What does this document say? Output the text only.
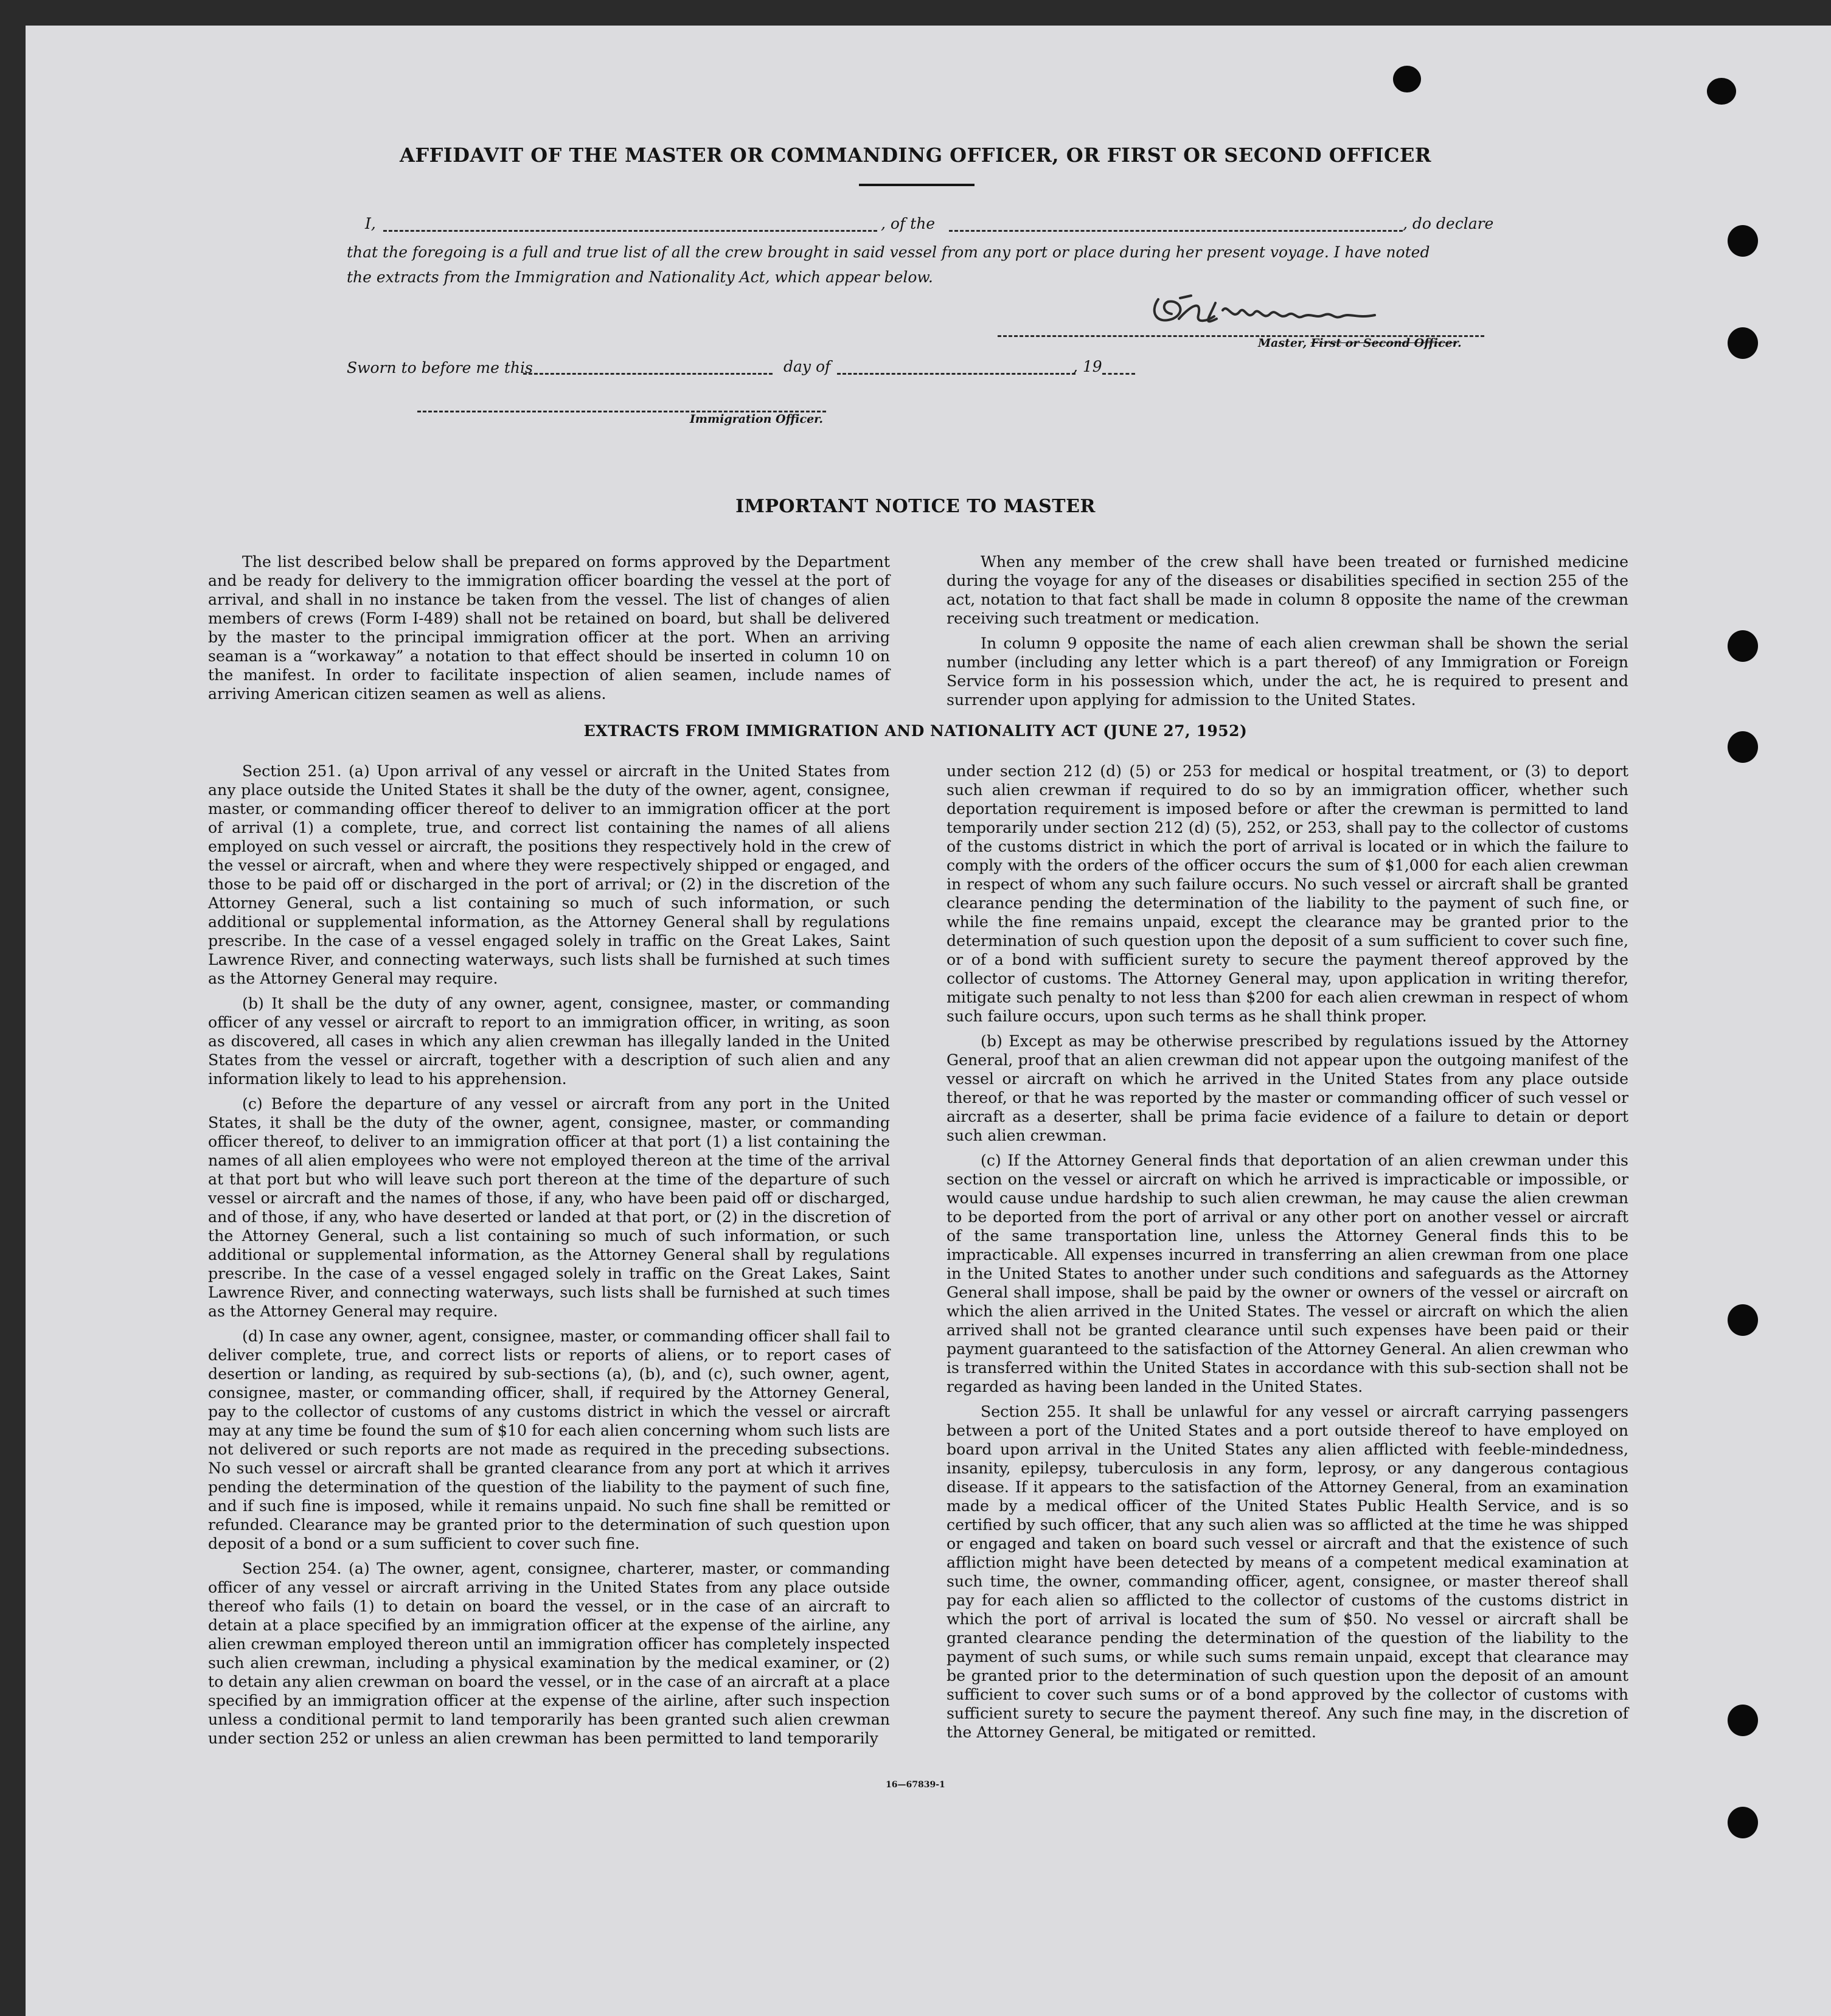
AFFIDAVIT OF THE MASTER OR COMMANDING OFFICER, OR FIRST OR SECOND OFFICER
I,	, of the	, do declare
that the foregoing is a full and true list of all the crew brought in said vessel from any port or place during her present voyage. I have noted
the extracts from the Immigration and Nationality Act, which appear below.
Master, First or Second Officer.
Sworn to before me this	day of	, 19
Immigration Officer.
IMPORTANT NOTICE TO MASTER

The list described below shall be prepared on forms approved by the Department and be ready for delivery to the immigration officer boarding the vessel at the port of arrival, and shall in no instance be taken from the vessel. The list of changes of alien members of crews (Form I-489) shall not be retained on board, but shall be delivered by the master to the principal immigration officer at the port. When an arriving seaman is a “workaway” a notation to that effect should be inserted in column 10 on the manifest. In order to facilitate inspection of alien seamen, include names of arriving American citizen seamen as well as aliens.

When any member of the crew shall have been treated or furnished medicine during the voyage for any of the diseases or disabilities specified in section 255 of the act, notation to that fact shall be made in column 8 opposite the name of the crewman receiving such treatment or medication.

In column 9 opposite the name of each alien crewman shall be shown the serial number (including any letter which is a part thereof) of any Immigration or Foreign Service form in his possession which, under the act, he is required to present and surrender upon applying for admission to the United States.

EXTRACTS FROM IMMIGRATION AND NATIONALITY ACT (JUNE 27, 1952)

Section 251. (a) Upon arrival of any vessel or aircraft in the United States from any place outside the United States it shall be the duty of the owner, agent, consignee, master, or commanding officer thereof to deliver to an immigration officer at the port of arrival (1) a complete, true, and correct list containing the names of all aliens employed on such vessel or aircraft, the positions they respectively hold in the crew of the vessel or aircraft, when and where they were respectively shipped or engaged, and those to be paid off or discharged in the port of arrival; or (2) in the discretion of the Attorney General, such a list containing so much of such information, or such additional or supplemental information, as the Attorney General shall by regulations prescribe. In the case of a vessel engaged solely in traffic on the Great Lakes, Saint Lawrence River, and connecting waterways, such lists shall be furnished at such times as the Attorney General may require.

(b) It shall be the duty of any owner, agent, consignee, master, or commanding officer of any vessel or aircraft to report to an immigration officer, in writing, as soon as discovered, all cases in which any alien crewman has illegally landed in the United States from the vessel or aircraft, together with a description of such alien and any information likely to lead to his apprehension.

(c) Before the departure of any vessel or aircraft from any port in the United States, it shall be the duty of the owner, agent, consignee, master, or commanding officer thereof, to deliver to an immigration officer at that port (1) a list containing the names of all alien employees who were not employed thereon at the time of the arrival at that port but who will leave such port thereon at the time of the departure of such vessel or aircraft and the names of those, if any, who have been paid off or discharged, and of those, if any, who have deserted or landed at that port, or (2) in the discretion of the Attorney General, such a list containing so much of such information, or such additional or supplemental information, as the Attorney General shall by regulations prescribe. In the case of a vessel engaged solely in traffic on the Great Lakes, Saint Lawrence River, and connecting waterways, such lists shall be furnished at such times as the Attorney General may require.

(d) In case any owner, agent, consignee, master, or commanding officer shall fail to deliver complete, true, and correct lists or reports of aliens, or to report cases of desertion or landing, as required by sub-sections (a), (b), and (c), such owner, agent, consignee, master, or commanding officer, shall, if required by the Attorney General, pay to the collector of customs of any customs district in which the vessel or aircraft may at any time be found the sum of $10 for each alien concerning whom such lists are not delivered or such reports are not made as required in the preceding subsections. No such vessel or aircraft shall be granted clearance from any port at which it arrives pending the determination of the question of the liability to the payment of such fine, and if such fine is imposed, while it remains unpaid. No such fine shall be remitted or refunded. Clearance may be granted prior to the determination of such question upon deposit of a bond or a sum sufficient to cover such fine.

Section 254. (a) The owner, agent, consignee, charterer, master, or commanding officer of any vessel or aircraft arriving in the United States from any place outside thereof who fails (1) to detain on board the vessel, or in the case of an aircraft to detain at a place specified by an immigration officer at the expense of the airline, any alien crewman employed thereon until an immigration officer has completely inspected such alien crewman, including a physical examination by the medical examiner, or (2) to detain any alien crewman on board the vessel, or in the case of an aircraft at a place specified by an immigration officer at the expense of the airline, after such inspection unless a conditional permit to land temporarily has been granted such alien crewman under section 252 or unless an alien crewman has been permitted to land temporarily

under section 212 (d) (5) or 253 for medical or hospital treatment, or (3) to deport such alien crewman if required to do so by an immigration officer, whether such deportation requirement is imposed before or after the crewman is permitted to land temporarily under section 212 (d) (5), 252, or 253, shall pay to the collector of customs of the customs district in which the port of arrival is located or in which the failure to comply with the orders of the officer occurs the sum of $1,000 for each alien crewman in respect of whom any such failure occurs. No such vessel or aircraft shall be granted clearance pending the determination of the liability to the payment of such fine, or while the fine remains unpaid, except the clearance may be granted prior to the determination of such question upon the deposit of a sum sufficient to cover such fine, or of a bond with sufficient surety to secure the payment thereof approved by the collector of customs. The Attorney General may, upon application in writing therefor, mitigate such penalty to not less than $200 for each alien crewman in respect of whom such failure occurs, upon such terms as he shall think proper.

(b) Except as may be otherwise prescribed by regulations issued by the Attorney General, proof that an alien crewman did not appear upon the outgoing manifest of the vessel or aircraft on which he arrived in the United States from any place outside thereof, or that he was reported by the master or commanding officer of such vessel or aircraft as a deserter, shall be prima facie evidence of a failure to detain or deport such alien crewman.

(c) If the Attorney General finds that deportation of an alien crewman under this section on the vessel or aircraft on which he arrived is impracticable or impossible, or would cause undue hardship to such alien crewman, he may cause the alien crewman to be deported from the port of arrival or any other port on another vessel or aircraft of the same transportation line, unless the Attorney General finds this to be impracticable. All expenses incurred in transferring an alien crewman from one place in the United States to another under such conditions and safeguards as the Attorney General shall impose, shall be paid by the owner or owners of the vessel or aircraft on which the alien arrived in the United States. The vessel or aircraft on which the alien arrived shall not be granted clearance until such expenses have been paid or their payment guaranteed to the satisfaction of the Attorney General. An alien crewman who is transferred within the United States in accordance with this sub-section shall not be regarded as having been landed in the United States.

Section 255. It shall be unlawful for any vessel or aircraft carrying passengers between a port of the United States and a port outside thereof to have employed on board upon arrival in the United States any alien afflicted with feeble-mindedness, insanity, epilepsy, tuberculosis in any form, leprosy, or any dangerous contagious disease. If it appears to the satisfaction of the Attorney General, from an examination made by a medical officer of the United States Public Health Service, and is so certified by such officer, that any such alien was so afflicted at the time he was shipped or engaged and taken on board such vessel or aircraft and that the existence of such affliction might have been detected by means of a competent medical examination at such time, the owner, commanding officer, agent, consignee, or master thereof shall pay for each alien so afflicted to the collector of customs of the customs district in which the port of arrival is located the sum of $50. No vessel or aircraft shall be granted clearance pending the determination of the question of the liability to the payment of such sums, or while such sums remain unpaid, except that clearance may be granted prior to the determination of such question upon the deposit of an amount sufficient to cover such sums or of a bond approved by the collector of customs with sufficient surety to secure the payment thereof. Any such fine may, in the discretion of the Attorney General, be mitigated or remitted.

16—67839-1
